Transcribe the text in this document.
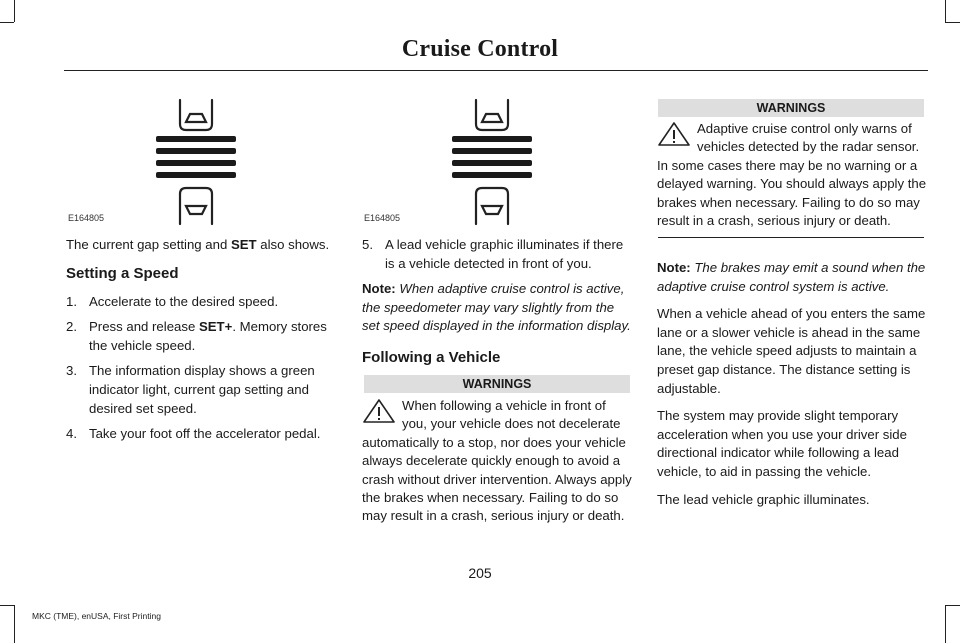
Cruise Control
E164805	E164805

The current gap setting and SET also shows.

Setting a Speed

1. Accelerate to the desired speed.
2. Press and release SET+. Memory stores the vehicle speed.
3. The information display shows a green indicator light, current gap setting and desired set speed.
4. Take your foot off the accelerator pedal.
5. A lead vehicle graphic illuminates if there is a vehicle detected in front of you.

Note: When adaptive cruise control is active, the speedometer may vary slightly from the set speed displayed in the information display.

Following a Vehicle

WARNINGS
When following a vehicle in front of you, your vehicle does not decelerate automatically to a stop, nor does your vehicle always decelerate quickly enough to avoid a crash without driver intervention. Always apply the brakes when necessary. Failing to do so may result in a crash, serious injury or death.
WARNINGS
Adaptive cruise control only warns of vehicles detected by the radar sensor. In some cases there may be no warning or a delayed warning. You should always apply the brakes when necessary. Failing to do so may result in a crash, serious injury or death.

Note: The brakes may emit a sound when the adaptive cruise control system is active.

When a vehicle ahead of you enters the same lane or a slower vehicle is ahead in the same lane, the vehicle speed adjusts to maintain a preset gap distance. The distance setting is adjustable.

The system may provide slight temporary acceleration when you use your driver side directional indicator while following a lead vehicle, to aid in passing the vehicle.

The lead vehicle graphic illuminates.

205
MKC (TME), enUSA, First Printing
